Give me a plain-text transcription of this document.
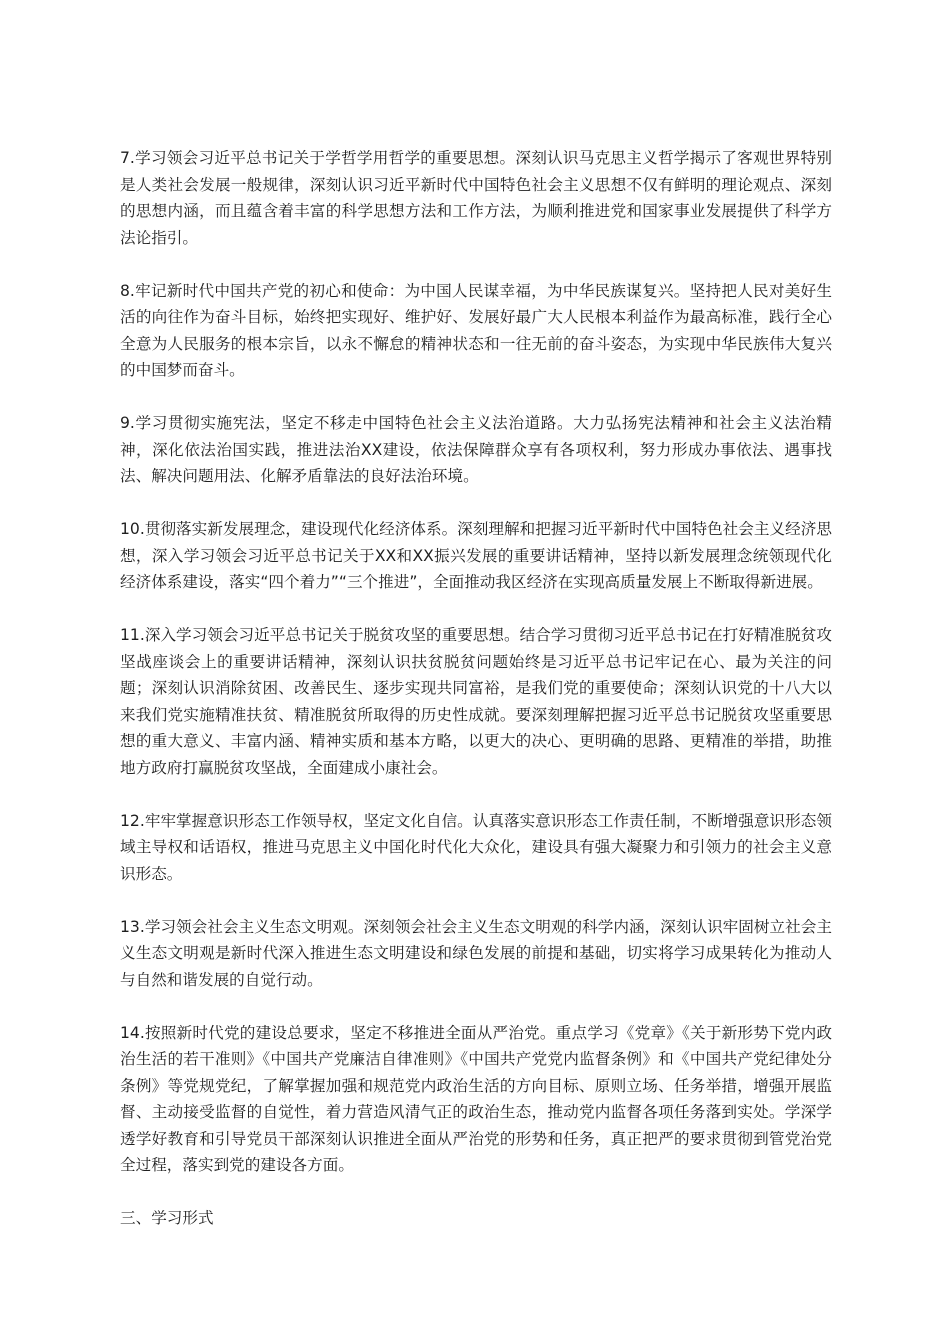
7.学习领会习近平总书记关于学哲学用哲学的重要思想。深刻认识马克思主义哲学揭示了客观世界特别是人类社会发展一般规律，深刻认识习近平新时代中国特色社会主义思想不仅有鲜明的理论观点、深刻的思想内涵，而且蕴含着丰富的科学思想方法和工作方法，为顺利推进党和国家事业发展提供了科学方法论指引。

8.牢记新时代中国共产党的初心和使命：为中国人民谋幸福，为中华民族谋复兴。坚持把人民对美好生活的向往作为奋斗目标，始终把实现好、维护好、发展好最广大人民根本利益作为最高标准，践行全心全意为人民服务的根本宗旨，以永不懈怠的精神状态和一往无前的奋斗姿态，为实现中华民族伟大复兴的中国梦而奋斗。

9.学习贯彻实施宪法，坚定不移走中国特色社会主义法治道路。大力弘扬宪法精神和社会主义法治精神，深化依法治国实践，推进法治XX建设，依法保障群众享有各项权利，努力形成办事依法、遇事找法、解决问题用法、化解矛盾靠法的良好法治环境。

10.贯彻落实新发展理念，建设现代化经济体系。深刻理解和把握习近平新时代中国特色社会主义经济思想，深入学习领会习近平总书记关于XX和XX振兴发展的重要讲话精神，坚持以新发展理念统领现代化经济体系建设，落实“四个着力”“三个推进”，全面推动我区经济在实现高质量发展上不断取得新进展。

11.深入学习领会习近平总书记关于脱贫攻坚的重要思想。结合学习贯彻习近平总书记在打好精准脱贫攻坚战座谈会上的重要讲话精神，深刻认识扶贫脱贫问题始终是习近平总书记牢记在心、最为关注的问题；深刻认识消除贫困、改善民生、逐步实现共同富裕，是我们党的重要使命；深刻认识党的十八大以来我们党实施精准扶贫、精准脱贫所取得的历史性成就。要深刻理解把握习近平总书记脱贫攻坚重要思想的重大意义、丰富内涵、精神实质和基本方略，以更大的决心、更明确的思路、更精准的举措，助推地方政府打赢脱贫攻坚战，全面建成小康社会。

12.牢牢掌握意识形态工作领导权，坚定文化自信。认真落实意识形态工作责任制，不断增强意识形态领域主导权和话语权，推进马克思主义中国化时代化大众化，建设具有强大凝聚力和引领力的社会主义意识形态。

13.学习领会社会主义生态文明观。深刻领会社会主义生态文明观的科学内涵，深刻认识牢固树立社会主义生态文明观是新时代深入推进生态文明建设和绿色发展的前提和基础，切实将学习成果转化为推动人与自然和谐发展的自觉行动。

14.按照新时代党的建设总要求，坚定不移推进全面从严治党。重点学习《党章》《关于新形势下党内政治生活的若干准则》《中国共产党廉洁自律准则》《中国共产党党内监督条例》和《中国共产党纪律处分条例》等党规党纪，了解掌握加强和规范党内政治生活的方向目标、原则立场、任务举措，增强开展监督、主动接受监督的自觉性，着力营造风清气正的政治生态，推动党内监督各项任务落到实处。学深学透学好教育和引导党员干部深刻认识推进全面从严治党的形势和任务，真正把严的要求贯彻到管党治党全过程，落实到党的建设各方面。

三、学习形式
